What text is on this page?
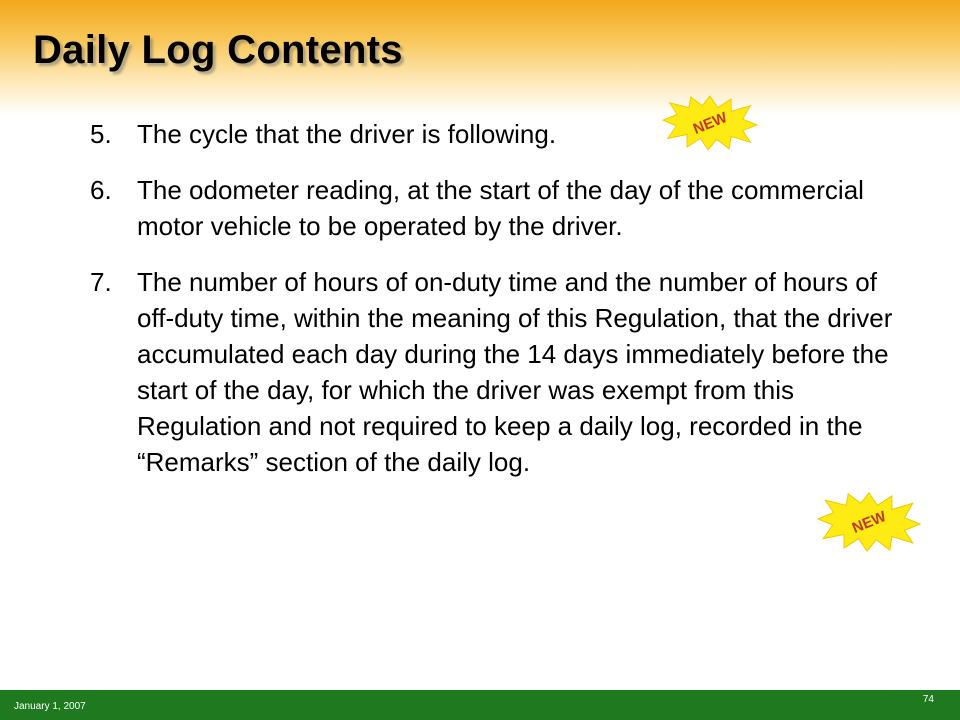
Daily Log Contents
5. The cycle that the driver is following.
6. The odometer reading, at the start of the day of the commercial motor vehicle to be operated by the driver.
7. The number of hours of on-duty time and the number of hours of off-duty time, within the meaning of this Regulation, that the driver accumulated each day during the 14 days immediately before the start of the day, for which the driver was exempt from this Regulation and not required to keep a daily log, recorded in the “Remarks” section of the daily log.
NEW
NEW
January 1, 2007
74
